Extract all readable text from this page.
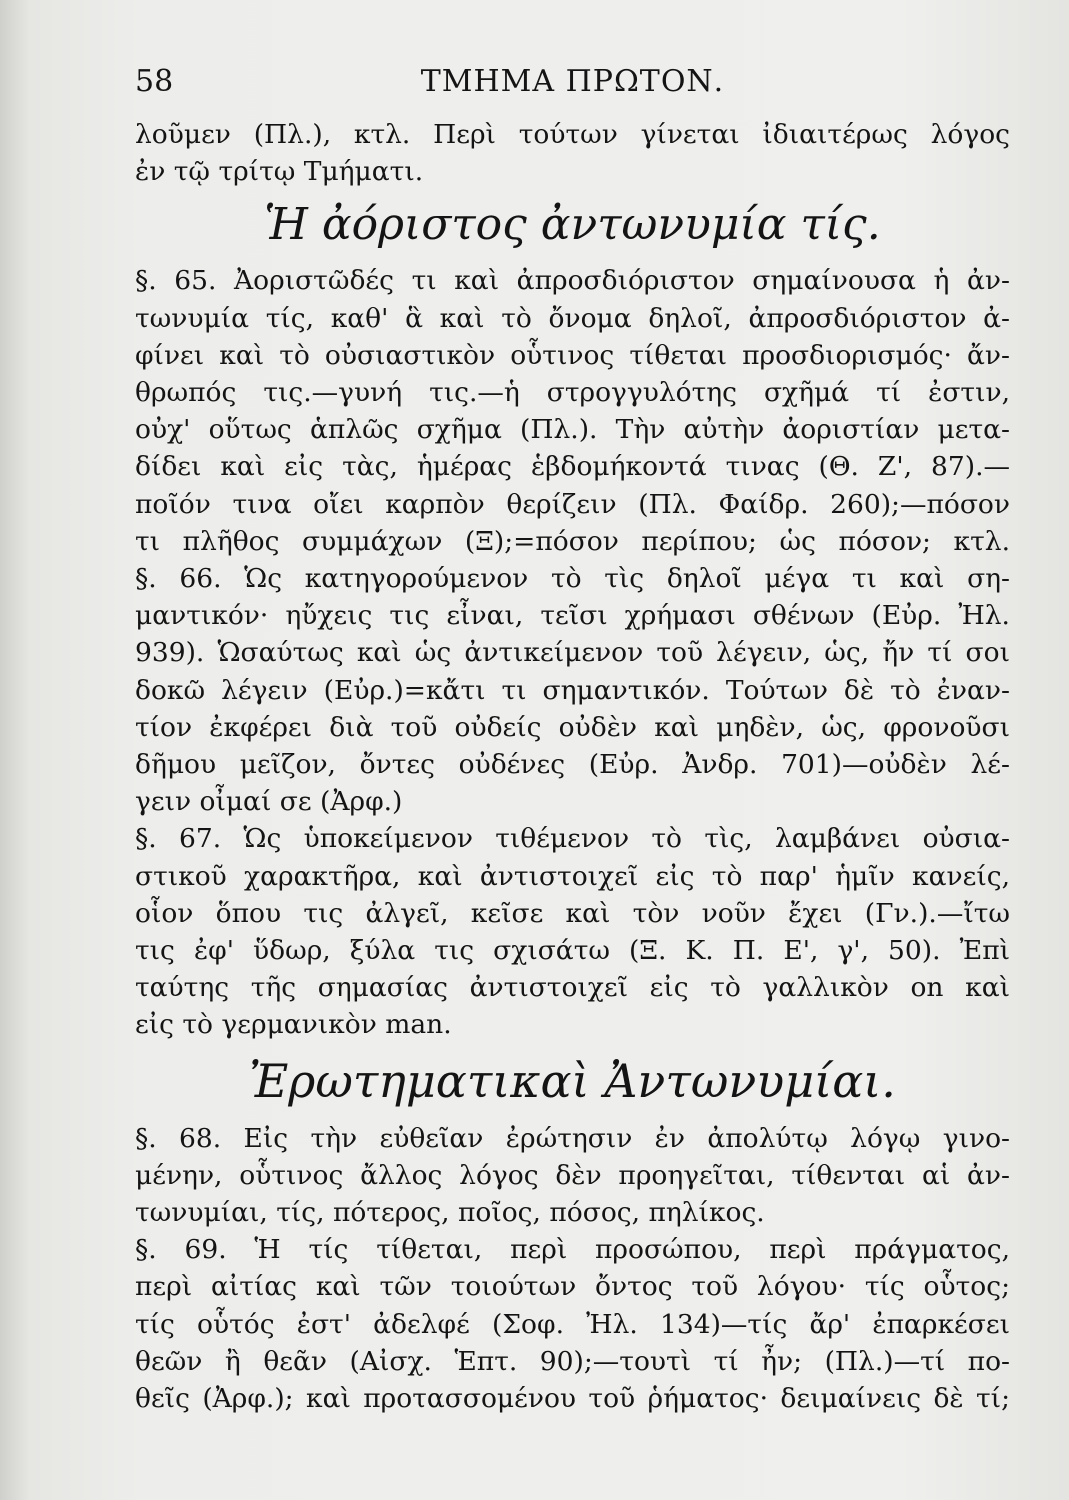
58	ΤΜΗΜΑ ΠΡΩΤΟΝ.
λοῦμεν (Πλ.), κτλ. Περὶ τούτων γίνεται ἰδιαιτέρως λόγος
ἐν τῷ τρίτῳ Τμήματι.
Ἡ ἀόριστος ἀντωνυμία τίς.
§. 65. Ἀοριστῶδές τι καὶ ἀπροσδιόριστον σημαίνουσα ἡ ἀν-
τωνυμία τίς, καθ' ἃ καὶ τὸ ὄνομα δηλοῖ, ἀπροσδιόριστον ἀ-
φίνει καὶ τὸ οὐσιαστικὸν οὗτινος τίθεται προσδιορισμός· ἄν-
θρωπός τις.—γυνή τις.—ἡ στρογγυλότης σχῆμά τί ἐστιν,
οὐχ' οὕτως ἁπλῶς σχῆμα (Πλ.). Τὴν αὐτὴν ἀοριστίαν μετα-
δίδει καὶ εἰς τὰς, ἡμέρας ἑβδομήκοντά τινας (Θ. Ζ', 87).—
ποῖόν τινα οἴει καρπὸν θερίζειν (Πλ. Φαίδρ. 260);—πόσον
τι πλῆθος συμμάχων (Ξ);=πόσον περίπου; ὡς πόσον; κτλ.
§. 66. Ὡς κατηγορούμενον τὸ τὶς δηλοῖ μέγα τι καὶ ση-
μαντικόν· ηὔχεις τις εἶναι, τεῖσι χρήμασι σθένων (Εὐρ. Ἠλ.
939). Ὡσαύτως καὶ ὡς ἀντικείμενον τοῦ λέγειν, ὡς, ἤν τί σοι
δοκῶ λέγειν (Εὐρ.)=κἄτι τι σημαντικόν. Τούτων δὲ τὸ ἐναν-
τίον ἐκφέρει διὰ τοῦ οὐδείς οὐδὲν καὶ μηδὲν, ὡς, φρονοῦσι
δῆμου μεῖζον, ὄντες οὐδένες (Εὐρ. Ἀνδρ. 701)—οὐδὲν λέ-
γειν οἶμαί σε (Ἀρφ.)
§. 67. Ὡς ὑποκείμενον τιθέμενον τὸ τὶς, λαμβάνει οὐσια-
στικοῦ χαρακτῆρα, καὶ ἀντιστοιχεῖ εἰς τὸ παρ' ἡμῖν κανείς,
οἷον ὅπου τις ἀλγεῖ, κεῖσε καὶ τὸν νοῦν ἔχει (Γν.).—ἴτω
τις ἐφ' ὕδωρ, ξύλα τις σχισάτω (Ξ. Κ. Π. Ε', γ', 50). Ἐπὶ
ταύτης τῆς σημασίας ἀντιστοιχεῖ εἰς τὸ γαλλικὸν on καὶ
εἰς τὸ γερμανικὸν man.
Ἐρωτηματικαὶ Ἀντωνυμίαι.
§. 68. Εἰς τὴν εὐθεῖαν ἐρώτησιν ἐν ἀπολύτῳ λόγῳ γινο-
μένην, οὗτινος ἄλλος λόγος δὲν προηγεῖται, τίθενται αἱ ἀν-
τωνυμίαι, τίς, πότερος, ποῖος, πόσος, πηλίκος.
§. 69. Ἡ τίς τίθεται, περὶ προσώπου, περὶ πράγματος,
περὶ αἰτίας καὶ τῶν τοιούτων ὄντος τοῦ λόγου· τίς οὗτος;
τίς οὗτός ἐστ' ἀδελφέ (Σοφ. Ἠλ. 134)—τίς ἄρ' ἐπαρκέσει
θεῶν ἢ θεᾶν (Αἰσχ. Ἑπτ. 90);—τουτὶ τί ἦν; (Πλ.)—τί πο-
θεῖς (Ἀρφ.); καὶ προτασσομένου τοῦ ῥήματος· δειμαίνεις δὲ τί;
